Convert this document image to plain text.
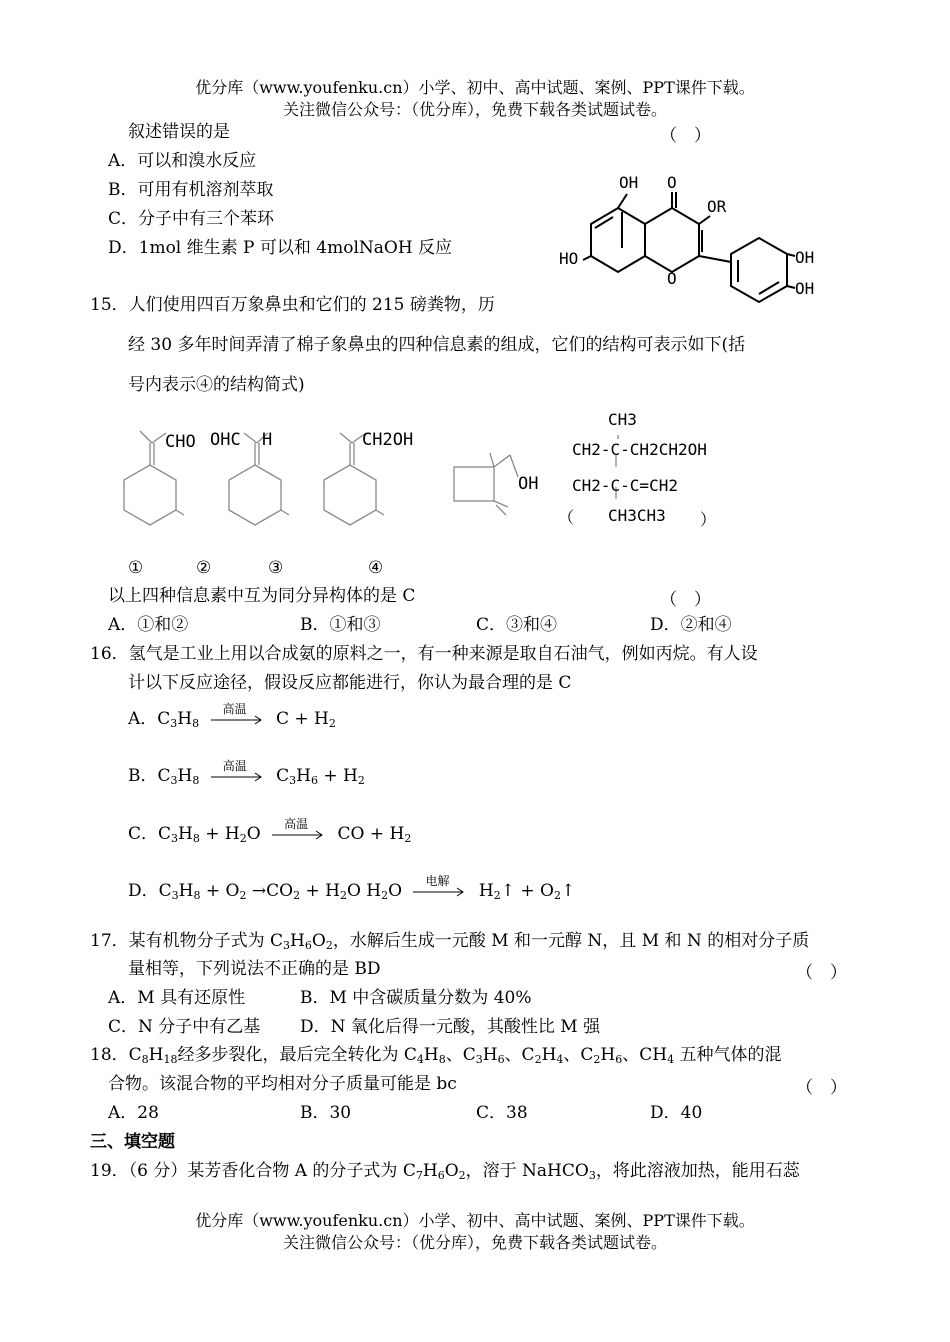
优分库（www.youfenku.cn）小学、初中、高中试题、案例、PPT课件下载。
关注微信公众号：（优分库），免费下载各类试题试卷。
叙述错误的是	（　）
A．可以和溴水反应
B．可用有机溶剂萃取
C．分子中有三个苯环
D．1mol 维生素 P 可以和 4molNaOH 反应
OH O
OR
HO
O
OH
OH
15．人们使用四百万象鼻虫和它们的 215 磅粪物，历
经 30 多年时间弄清了棉子象鼻虫的四种信息素的组成，它们的结构可表示如下(括
号内表示④的结构简式)
CHO OHC H	CH2OH
OH
CH3
CH2-C-CH2CH2OH
CH2-C-C=CH2
CH3CH3
（	）
①	②	③	④
以上四种信息素中互为同分异构体的是 C	（　）
A．①和②	B．①和③	C．③和④	D．②和④
16．氢气是工业上用以合成氨的原料之一，有一种来源是取自石油气，例如丙烷。有人设
计以下反应途径，假设反应都能进行，你认为最合理的是 C
A．$C_3H_8$
高温
$C + H_2$
B．$C_3H_8$
高温
$C_3H_6 + H_2$
C．$C_3H_8 + H_2O$
高温
CO + $H_2$
D．$C_3H_8 + O_2 \to CO_2 + H_2O$ $H_2O$
电解
$H_2↑$ + $O_2↑$
17．某有机物分子式为 $C_3H_6O_2$，水解后生成一元酸 M 和一元醇 N，且 M 和 N 的相对分子质
量相等，下列说法不正确的是 BD	（　）
A．M 具有还原性	B．M 中含碳质量分数为 40%
C．N 分子中有乙基 D．N 氧化后得一元酸，其酸性比 M 强
18．$C_8H_{18}$经多步裂化，最后完全转化为 $C_4H_8$、$C_3H_6$、$C_2H_4$、$C_2H_6$、$CH_4$ 五种气体的混
合物。该混合物的平均相对分子质量可能是 bc	（　）
A．28	B．30	C．38	D．40
三、填空题
19．（6 分）某芳香化合物 A 的分子式为 $C_7H_6O_2$，溶于 NaHCO$_3$，将此溶液加热，能用石蕊
优分库（www.youfenku.cn）小学、初中、高中试题、案例、PPT课件下载。
关注微信公众号：（优分库），免费下载各类试题试卷。
